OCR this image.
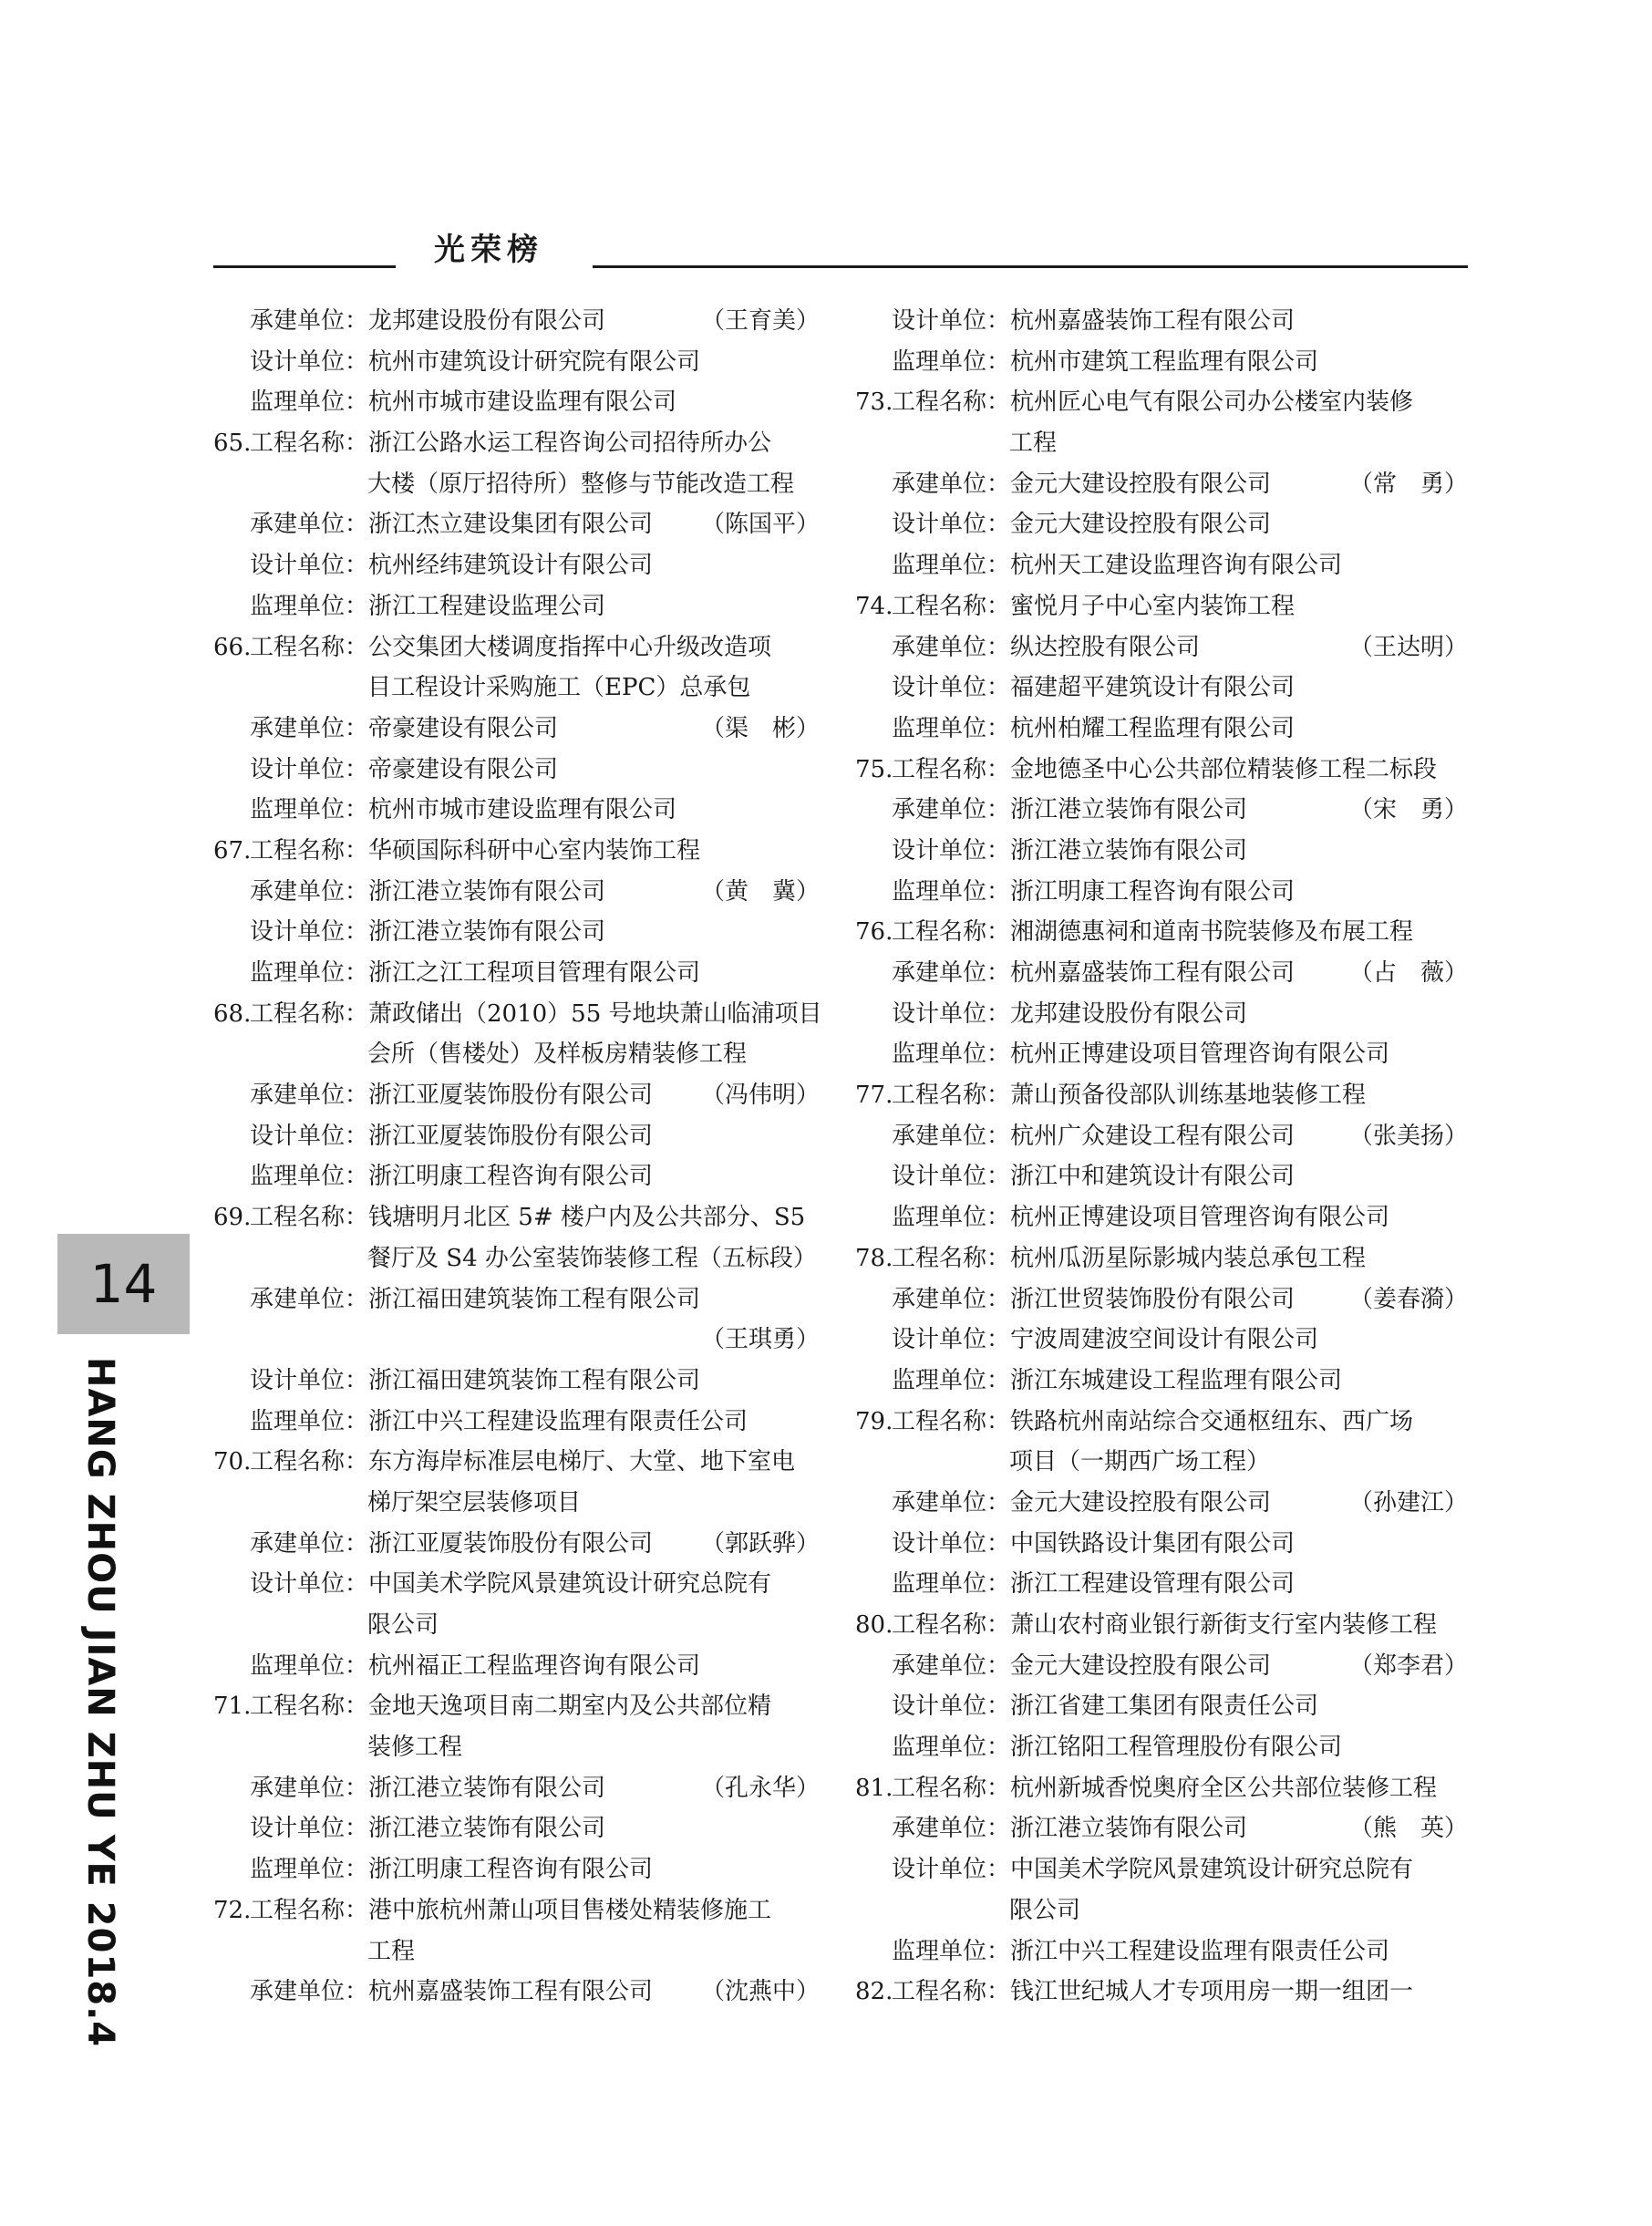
光荣榜
14
HANG ZHOU JIAN ZHU YE 2018.4
承建单位：龙邦建设股份有限公司	（王育美）
设计单位：杭州市建筑设计研究院有限公司
监理单位：杭州市城市建设监理有限公司
65.工程名称：浙江公路水运工程咨询公司招待所办公
大楼（原厅招待所）整修与节能改造工程
承建单位：浙江杰立建设集团有限公司 （陈国平）
设计单位：杭州经纬建筑设计有限公司
监理单位：浙江工程建设监理公司
66.工程名称：公交集团大楼调度指挥中心升级改造项
目工程设计采购施工（EPC）总承包
承建单位：帝豪建设有限公司	（渠　彬）
设计单位：帝豪建设有限公司
监理单位：杭州市城市建设监理有限公司
67.工程名称：华硕国际科研中心室内装饰工程
承建单位：浙江港立装饰有限公司	（黄　冀）
设计单位：浙江港立装饰有限公司
监理单位：浙江之江工程项目管理有限公司
68.工程名称：萧政储出（2010）55 号地块萧山临浦项目
会所（售楼处）及样板房精装修工程
承建单位：浙江亚厦装饰股份有限公司 （冯伟明）
设计单位：浙江亚厦装饰股份有限公司
监理单位：浙江明康工程咨询有限公司
69.工程名称：钱塘明月北区 5# 楼户内及公共部分、S5
餐厅及 S4 办公室装饰装修工程（五标段）
承建单位：浙江福田建筑装饰工程有限公司
（王琪勇）
设计单位：浙江福田建筑装饰工程有限公司
监理单位：浙江中兴工程建设监理有限责任公司
70.工程名称：东方海岸标准层电梯厅、大堂、地下室电
梯厅架空层装修项目
承建单位：浙江亚厦装饰股份有限公司 （郭跃骅）
设计单位：中国美术学院风景建筑设计研究总院有
限公司
监理单位：杭州福正工程监理咨询有限公司
71.工程名称：金地天逸项目南二期室内及公共部位精
装修工程
承建单位：浙江港立装饰有限公司	（孔永华）
设计单位：浙江港立装饰有限公司
监理单位：浙江明康工程咨询有限公司
72.工程名称：港中旅杭州萧山项目售楼处精装修施工
工程
承建单位：杭州嘉盛装饰工程有限公司 （沈燕中）
设计单位：杭州嘉盛装饰工程有限公司
监理单位：杭州市建筑工程监理有限公司
73.工程名称：杭州匠心电气有限公司办公楼室内装修
工程
承建单位：金元大建设控股有限公司	（常　勇）
设计单位：金元大建设控股有限公司
监理单位：杭州天工建设监理咨询有限公司
74.工程名称：蜜悦月子中心室内装饰工程
承建单位：纵达控股有限公司	（王达明）
设计单位：福建超平建筑设计有限公司
监理单位：杭州柏耀工程监理有限公司
75.工程名称：金地德圣中心公共部位精装修工程二标段
承建单位：浙江港立装饰有限公司	（宋　勇）
设计单位：浙江港立装饰有限公司
监理单位：浙江明康工程咨询有限公司
76.工程名称：湘湖德惠祠和道南书院装修及布展工程
承建单位：杭州嘉盛装饰工程有限公司 （占　薇）
设计单位：龙邦建设股份有限公司
监理单位：杭州正博建设项目管理咨询有限公司
77.工程名称：萧山预备役部队训练基地装修工程
承建单位：杭州广众建设工程有限公司 （张美扬）
设计单位：浙江中和建筑设计有限公司
监理单位：杭州正博建设项目管理咨询有限公司
78.工程名称：杭州瓜沥星际影城内装总承包工程
承建单位：浙江世贸装饰股份有限公司 （姜春漪）
设计单位：宁波周建波空间设计有限公司
监理单位：浙江东城建设工程监理有限公司
79.工程名称：铁路杭州南站综合交通枢纽东、西广场
项目（一期西广场工程）
承建单位：金元大建设控股有限公司	（孙建江）
设计单位：中国铁路设计集团有限公司
监理单位：浙江工程建设管理有限公司
80.工程名称：萧山农村商业银行新街支行室内装修工程
承建单位：金元大建设控股有限公司	（郑李君）
设计单位：浙江省建工集团有限责任公司
监理单位：浙江铭阳工程管理股份有限公司
81.工程名称：杭州新城香悦奥府全区公共部位装修工程
承建单位：浙江港立装饰有限公司	（熊　英）
设计单位：中国美术学院风景建筑设计研究总院有
限公司
监理单位：浙江中兴工程建设监理有限责任公司
82.工程名称：钱江世纪城人才专项用房一期一组团一
